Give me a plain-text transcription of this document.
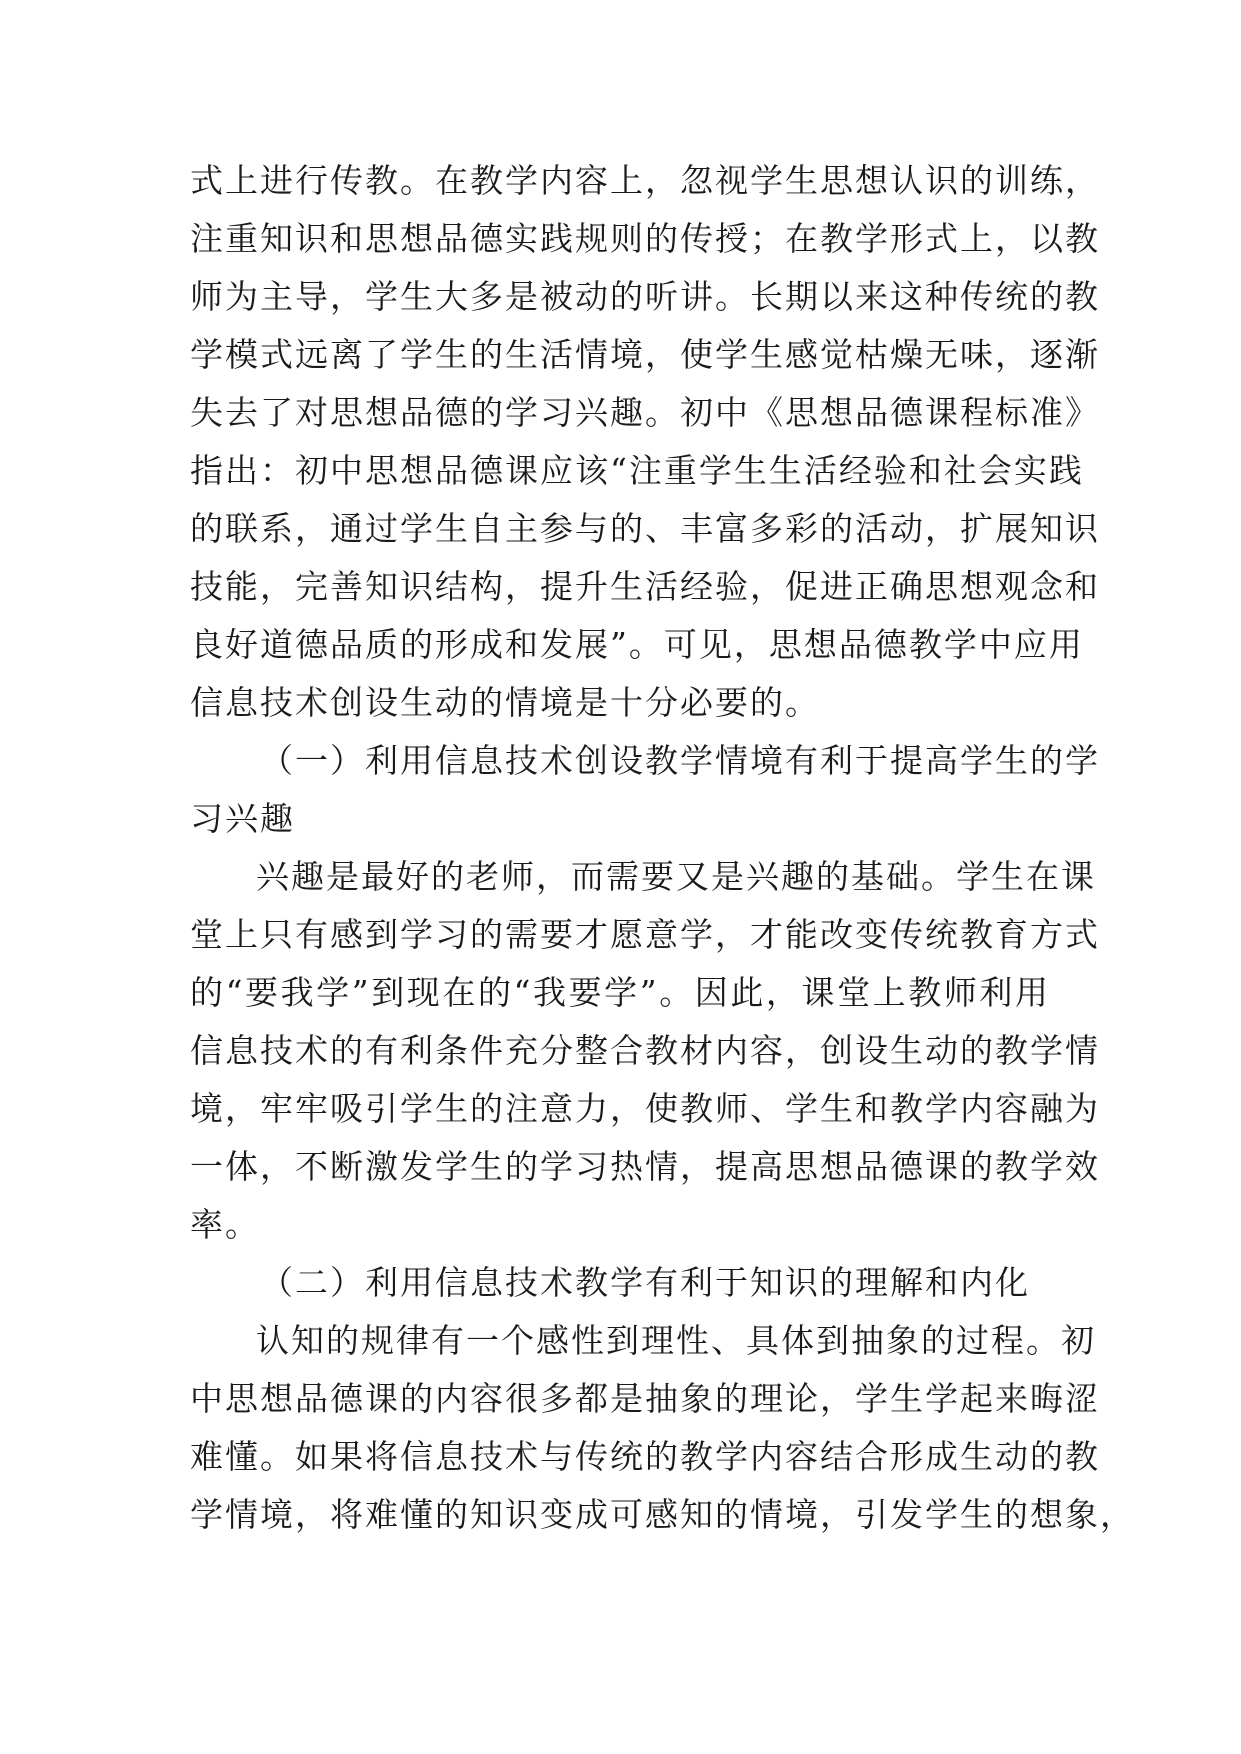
式上进行传教。在教学内容上，忽视学生思想认识的训练，
注重知识和思想品德实践规则的传授；在教学形式上，以教
师为主导，学生大多是被动的听讲。长期以来这种传统的教
学模式远离了学生的生活情境，使学生感觉枯燥无味，逐渐
失去了对思想品德的学习兴趣。初中《思想品德课程标准》
指出：初中思想品德课应该“注重学生生活经验和社会实践
的联系，通过学生自主参与的、丰富多彩的活动，扩展知识
技能，完善知识结构，提升生活经验，促进正确思想观念和
良好道德品质的形成和发展”。可见，思想品德教学中应用
信息技术创设生动的情境是十分必要的。
（一）利用信息技术创设教学情境有利于提高学生的学
习兴趣
兴趣是最好的老师，而需要又是兴趣的基础。学生在课
堂上只有感到学习的需要才愿意学，才能改变传统教育方式
的“要我学”到现在的“我要学”。因此，课堂上教师利用
信息技术的有利条件充分整合教材内容，创设生动的教学情
境，牢牢吸引学生的注意力，使教师、学生和教学内容融为
一体，不断激发学生的学习热情，提高思想品德课的教学效
率。
（二）利用信息技术教学有利于知识的理解和内化
认知的规律有一个感性到理性、具体到抽象的过程。初
中思想品德课的内容很多都是抽象的理论，学生学起来晦涩
难懂。如果将信息技术与传统的教学内容结合形成生动的教
学情境，将难懂的知识变成可感知的情境，引发学生的想象，
